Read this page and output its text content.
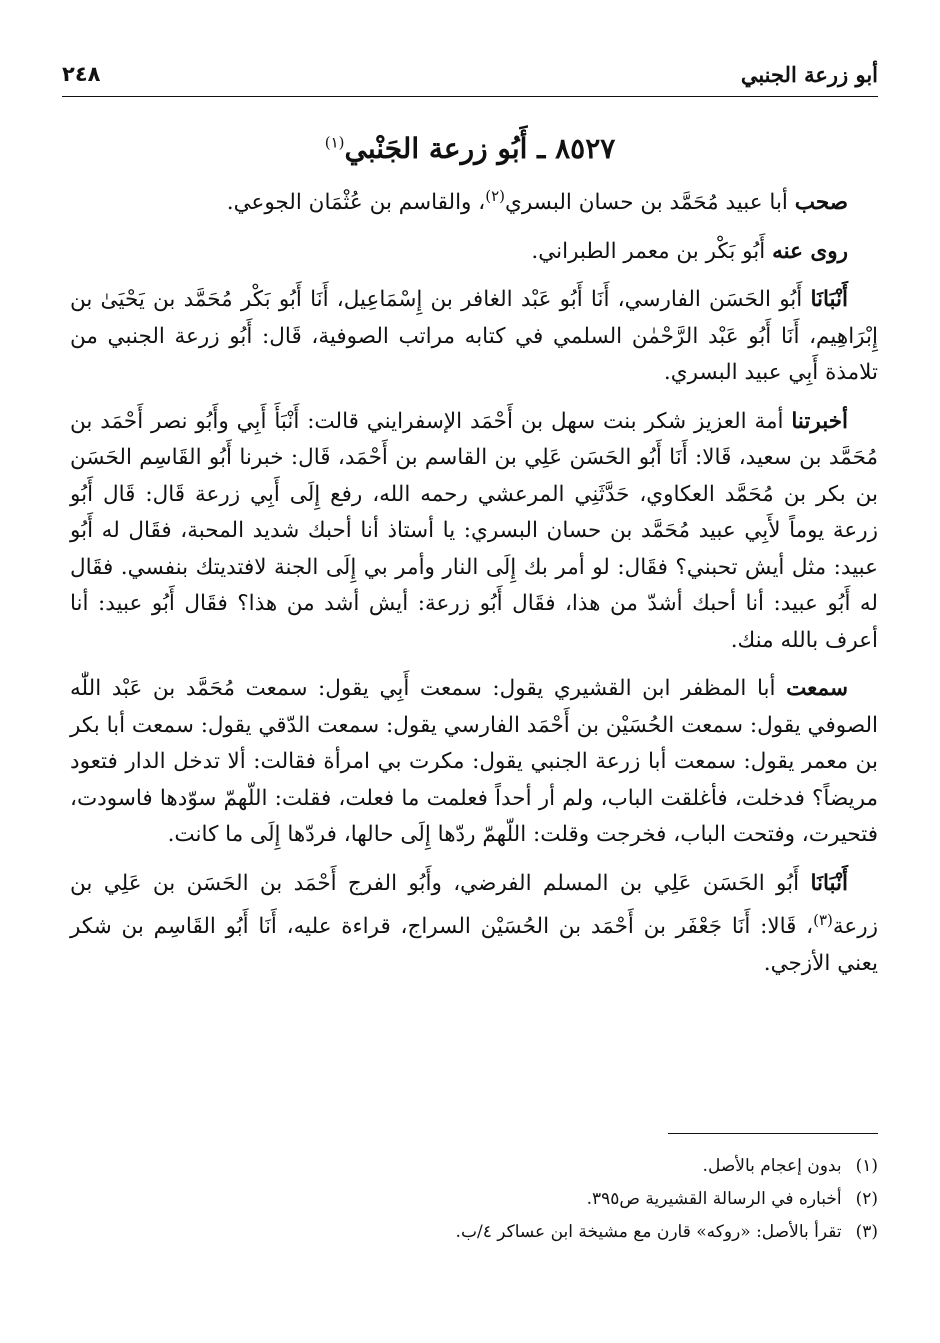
أبو زرعة الجنبي
٢٤٨
٨٥٢٧ ـ أَبُو زرعة الجَنْبي$^{(١)}$

صحب أبا عبيد مُحَمَّد بن حسان البسري$^{(٢)}$، والقاسم بن عُثْمَان الجوعي.

روى عنه أَبُو بَكْر بن معمر الطبراني.

أَنْبَانَا أَبُو الحَسَن الفارسي، أَنَا أَبُو عَبْد الغافر بن إِسْمَاعِيل، أَنَا أَبُو بَكْر مُحَمَّد بن يَحْيَىٰ بن إِبْرَاهِيم، أَنَا أَبُو عَبْد الرَّحْمٰن السلمي في كتابه مراتب الصوفية، قَال: أَبُو زرعة الجنبي من تلامذة أَبِي عبيد البسري.

أخبرتنا أمة العزيز شكر بنت سهل بن أَحْمَد الإسفرايني قالت: أَنْبَأَ أَبِي وأَبُو نصر أَحْمَد بن مُحَمَّد بن سعيد، قَالا: أَنَا أَبُو الحَسَن عَلِي بن القاسم بن أَحْمَد، قَال: خبرنا أَبُو القَاسِم الحَسَن بن بكر بن مُحَمَّد العكاوي، حَدَّثَنِي المرعشي رحمه الله، رفع إِلَى أَبِي زرعة قَال: قَال أَبُو زرعة يوماً لأَبِي عبيد مُحَمَّد بن حسان البسري: يا أستاذ أنا أحبك شديد المحبة، فقَال له أَبُو عبيد: مثل أيش تحبني؟ فقَال: لو أمر بك إِلَى النار وأمر بي إِلَى الجنة لافتديتك بنفسي. فقَال له أَبُو عبيد: أنا أحبك أشدّ من هذا، فقَال أَبُو زرعة: أيش أشد من هذا؟ فقَال أَبُو عبيد: أنا أعرف بالله منك.

سمعت أبا المظفر ابن القشيري يقول: سمعت أَبِي يقول: سمعت مُحَمَّد بن عَبْد اللّٰه الصوفي يقول: سمعت الحُسَيْن بن أَحْمَد الفارسي يقول: سمعت الدّقي يقول: سمعت أبا بكر بن معمر يقول: سمعت أبا زرعة الجنبي يقول: مكرت بي امرأة فقالت: ألا تدخل الدار فتعود مريضاً؟ فدخلت، فأغلقت الباب، ولم أر أحداً فعلمت ما فعلت، فقلت: اللّهمّ سوّدها فاسودت، فتحيرت، وفتحت الباب، فخرجت وقلت: اللّهمّ ردّها إِلَى حالها، فردّها إِلَى ما كانت.

أَنْبَانَا أَبُو الحَسَن عَلِي بن المسلم الفرضي، وأَبُو الفرج أَحْمَد بن الحَسَن بن عَلِي بن زرعة$^{(٣)}$، قَالا: أَنَا جَعْفَر بن أَحْمَد بن الحُسَيْن السراج، قراءة عليه، أَنَا أَبُو القَاسِم بن شكر يعني الأزجي.

(١)بدون إعجام بالأصل.
(٢)أخباره في الرسالة القشيرية ص٣٩٥.
(٣)تقرأ بالأصل: «روكه» قارن مع مشيخة ابن عساكر ٤/ب.
